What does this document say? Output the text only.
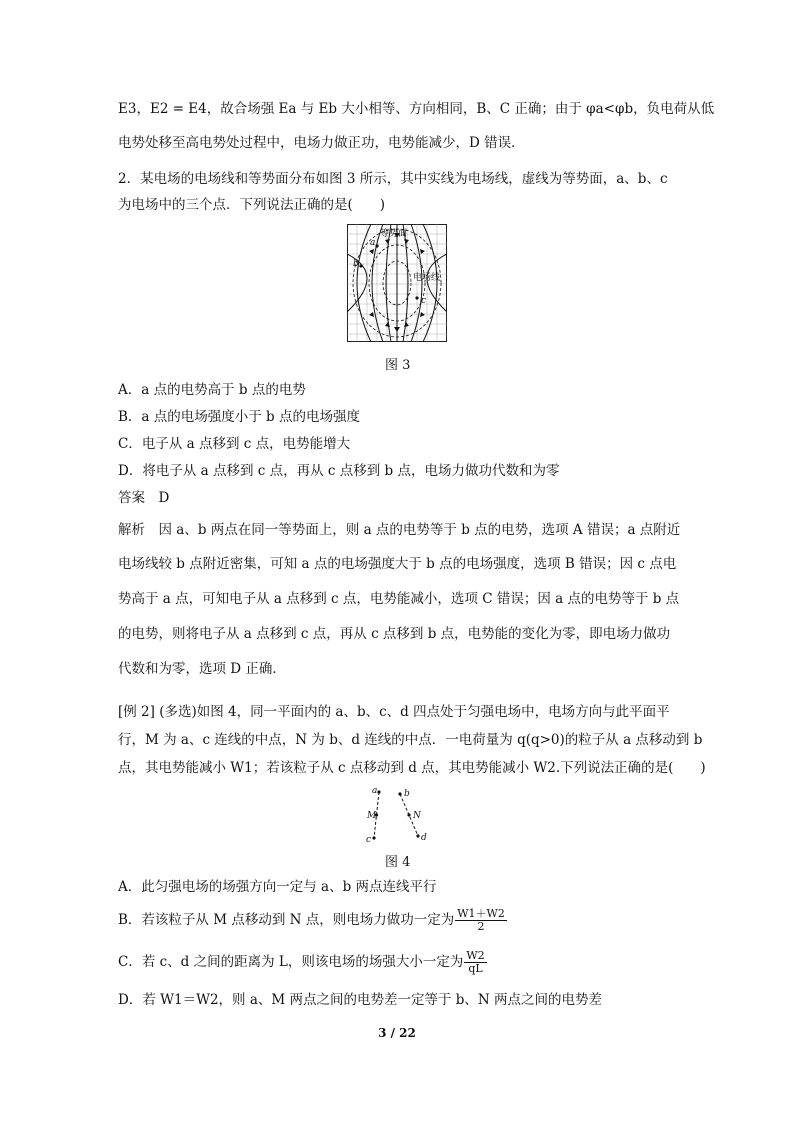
E3，E2 = E4，故合场强 Ea 与 Eb 大小相等、方向相同，B、C 正确；由于 φa<φb，负电荷从低
电势处移至高电势处过程中，电场力做正功，电势能减少，D 错误．
2．某电场的电场线和等势面分布如图 3 所示，其中实线为电场线，虚线为等势面，a、b、c
为电场中的三个点．下列说法正确的是(　　)
等势面
电场线
a
b
c
图 3
A．a 点的电势高于 b 点的电势
B．a 点的电场强度小于 b 点的电场强度
C．电子从 a 点移到 c 点，电势能增大
D．将电子从 a 点移到 c 点，再从 c 点移到 b 点，电场力做功代数和为零
答案　D
解析　因 a、b 两点在同一等势面上，则 a 点的电势等于 b 点的电势，选项 A 错误；a 点附近
电场线较 b 点附近密集，可知 a 点的电场强度大于 b 点的电场强度，选项 B 错误；因 c 点电
势高于 a 点，可知电子从 a 点移到 c 点，电势能减小，选项 C 错误；因 a 点的电势等于 b 点
的电势，则将电子从 a 点移到 c 点，再从 c 点移到 b 点，电势能的变化为零，即电场力做功
代数和为零，选项 D 正确．
[例 2] (多选)如图 4，同一平面内的 a、b、c、d 四点处于匀强电场中，电场方向与此平面平
行，M 为 a、c 连线的中点，N 为 b、d 连线的中点．一电荷量为 q(q>0)的粒子从 a 点移动到 b
点，其电势能减小 W1；若该粒子从 c 点移动到 d 点，其电势能减小 W2.下列说法正确的是(　　)
a
M
c
b
N
d
图 4
A．此匀强电场的场强方向一定与 a、b 两点连线平行
B．若该粒子从 M 点移动到 N 点，则电场力做功一定为 $\frac{W1+W2}{2}$
C．若 c、d 之间的距离为 L，则该电场的场强大小一定为 $\frac{W2}{qL}$
D．若 W1＝W2，则 a、M 两点之间的电势差一定等于 b、N 两点之间的电势差
3 / 22
